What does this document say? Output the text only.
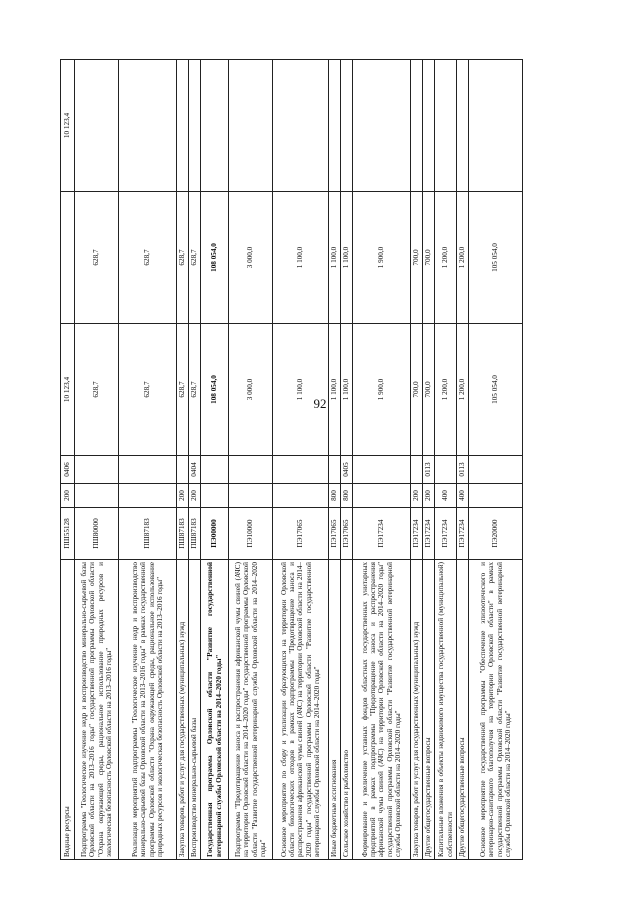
92
Водные ресурсы	ПШ55128	200	0406	10 123,4		10 123,4
Подпрограмма "Геологическое изучение недр и воспроизводство минерально-сырьевой базы Орловской области на 2013–2016 годы" государственной программы Орловской области "Охрана окружающей среды, рациональное использование природных ресурсов и экологическая безопасность Орловской области на 2013–2016 годы"	ПШ80000			628,7	628,7	
Реализация мероприятий подпрограммы "Геологическое изучение недр и воспроизводство минерально-сырьевой базы Орловской области на 2013–2016 годы" в рамках государственной программы Орловской области "Охрана окружающей среды, рациональное использование природных ресурсов и экологическая безопасность Орловской области на 2013–2016 годы"	ПШ87183			628,7	628,7	
Закупка товаров, работ и услуг для государственных (муниципальных) нужд	ПШ87183	200		628,7	628,7	
Воспроизводство минерально-сырьевой базы	ПШ87183	200	0404	628,7	628,7	
Государственная программа Орловской области "Развитие государственной ветеринарной службы Орловской области на 2014–2020 годы"	ПЭ00000			108 054,0	108 054,0	
Подпрограмма "Предотвращение заноса и распространения африканской чумы свиней (АЧС) на территории Орловской области на 2014–2020 годы" государственной программы Орловской области "Развитие государственной ветеринарной службы Орловской области на 2014–2020 годы"	ПЭ10000			3 000,0	3 000,0	
Основное мероприятие по сбору и утилизации образующихся на территории Орловской области биологических отходов в рамках подпрограммы "Предотвращение заноса и распространения африканской чумы свиней (АЧС) на территории Орловской области на 2014–2020 годы" государственной программы Орловской области "Развитие государственной ветеринарной службы Орловской области на 2014–2020 годы"	ПЭ17065			1 100,0	1 100,0	
Иные бюджетные ассигнования	ПЭ17065	800		1 100,0	1 100,0	
Сельское хозяйство и рыболовство	ПЭ17065	800	0405	1 100,0	1 100,0	
Формирование и увеличение уставных фондов областных государственных унитарных предприятий в рамках подпрограммы "Предотвращение заноса и распространения африканской чумы свиней (АЧС) на территории Орловской области на 2014–2020 годы" государственной программы Орловской области "Развитие государственной ветеринарной службы Орловской области на 2014–2020 годы"	ПЭ17234			1 900,0	1 900,0	
Закупка товаров, работ и услуг для государственных (муниципальных) нужд	ПЭ17234	200		700,0	700,0	
Другие общегосударственные вопросы	ПЭ17234	200	0113	700,0	700,0	
Капитальные вложения в объекты недвижимого имущества государственной (муниципальной) собственности	ПЭ17234	400		1 200,0	1 200,0	
Другие общегосударственные вопросы	ПЭ17234	400	0113	1 200,0	1 200,0	
Основное мероприятие государственной программы "Обеспечение эпизоотического и ветеринарно-санитарного благополучия на территории Орловской области" в рамках государственной программы Орловской области "Развитие государственной ветеринарной службы Орловской области на 2014–2020 годы"	ПЭ20000			105 054,0	105 054,0	
